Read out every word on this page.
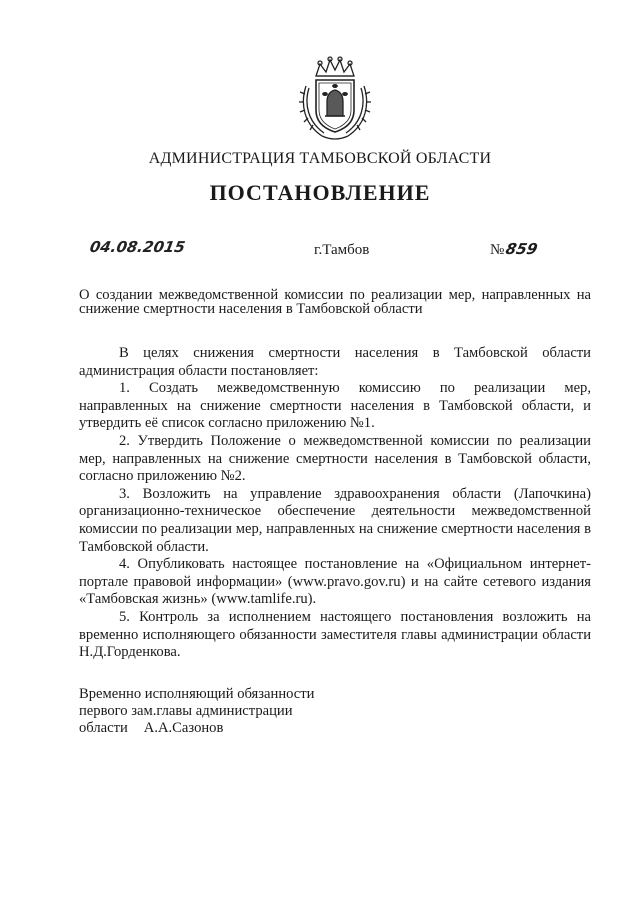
АДМИНИСТРАЦИЯ ТАМБОВСКОЙ ОБЛАСТИ
ПОСТАНОВЛЕНИЕ
04.08.2015	г.Тамбов	№859
О создании межведомственной комиссии по реализации мер, направленных на снижение смертности населения в Тамбовской области

В целях снижения смертности населения в Тамбовской области администрация области постановляет:

1. Создать межведомственную комиссию по реализации мер, направленных на снижение смертности населения в Тамбовской области, и утвердить её список согласно приложению №1.

2. Утвердить Положение о межведомственной комиссии по реализации мер, направленных на снижение смертности населения в Тамбовской области, согласно приложению №2.

3. Возложить на управление здравоохранения области (Лапочкина) организационно-техническое обеспечение деятельности межведомственной комиссии по реализации мер, направленных на снижение смертности населения в Тамбовской области.

4. Опубликовать настоящее постановление на «Официальном интернет-портале правовой информации» (www.pravo.gov.ru) и на сайте сетевого издания «Тамбовская жизнь» (www.tamlife.ru).

5. Контроль за исполнением настоящего постановления возложить на временно исполняющего обязанности заместителя главы администрации области Н.Д.Горденкова.

Временно исполняющий обязанности
первого зам.главы администрации
области А.А.Сазонов
